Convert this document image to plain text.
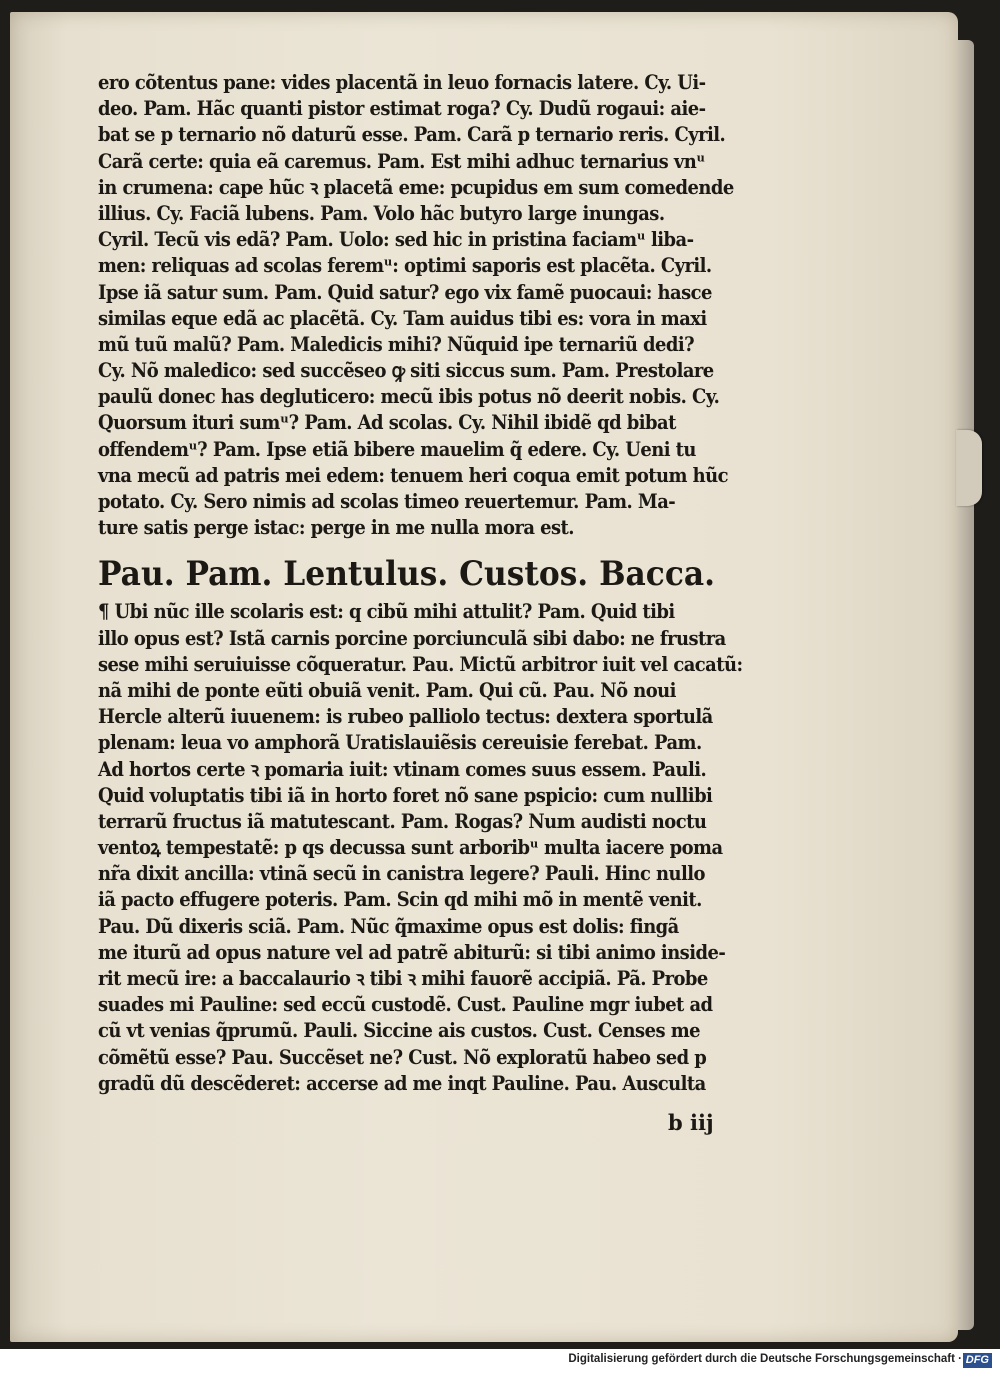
ero cõtentus pane: vides placentã in leuo fornacis latere. Cy. Ui-
deo. Pam. Hãc quanti pistor estimat roga? Cy. Dudũ rogaui: aie-
bat se p ternario nõ daturũ esse. Pam. Carã p ternario reris. Cyril.
Carã certe: quia eã caremus. Pam. Est mihi adhuc ternarius vnᵘ
in crumena: cape hũc ꝛ placetã eme: pcupidus em sum comedende
illius. Cy. Faciã lubens. Pam. Volo hãc butyro large inungas.
Cyril. Tecũ vis edã? Pam. Uolo: sed hic in pristina faciamᵘ liba-
men: reliquas ad scolas feremᵘ: optimi saporis est placẽta. Cyril.
Ipse iã satur sum. Pam. Quid satur? ego vix famẽ puocaui: hasce
similas eque edã ac placẽtã. Cy. Tam auidus tibi es: vora in maxi
mũ tuũ malũ? Pam. Maledicis mihi? Nũquid ipe ternariũ dedi?
Cy. Nõ maledico: sed succẽseo ꝙ siti siccus sum. Pam. Prestolare
paulũ donec has degluticero: mecũ ibis potus nõ deerit nobis. Cy.
Quorsum ituri sumᵘ? Pam. Ad scolas. Cy. Nihil ibidẽ qd bibat
offendemᵘ? Pam. Ipse etiã bibere mauelim q̃ edere. Cy. Ueni tu
vna mecũ ad patris mei edem: tenuem heri coqua emit potum hũc
potato. Cy. Sero nimis ad scolas timeo reuertemur. Pam. Ma-
ture satis perge istac: perge in me nulla mora est.
Pau. Pam. Lentulus. Custos. Bacca.
¶ Ubi nũc ille scolaris est: q cibũ mihi attulit? Pam. Quid tibi
illo opus est? Istã carnis porcine porciunculã sibi dabo: ne frustra
sese mihi seruiuisse cõqueratur. Pau. Mictũ arbitror iuit vel cacatũ:
nã mihi de ponte eũti obuiã venit. Pam. Qui cũ. Pau. Nõ noui
Hercle alterũ iuuenem: is rubeo palliolo tectus: dextera sportulã
plenam: leua vo amphorã Uratislauiẽsis cereuisie ferebat. Pam.
Ad hortos certe ꝛ pomaria iuit: vtinam comes suus essem. Pauli.
Quid voluptatis tibi iã in horto foret nõ sane pspicio: cum nullibi
terrarũ fructus iã matutescant. Pam. Rogas? Num audisti noctu
ventoꝝ tempestatẽ: p qs decussa sunt arboribᵘ multa iacere poma
nr̃a dixit ancilla: vtinã secũ in canistra legere? Pauli. Hinc nullo
iã pacto effugere poteris. Pam. Scin qd mihi mõ in mentẽ venit.
Pau. Dũ dixeris sciã. Pam. Nũc q̃maxime opus est dolis: fingã
me iturũ ad opus nature vel ad patrẽ abiturũ: si tibi animo inside-
rit mecũ ire: a baccalaurio ꝛ tibi ꝛ mihi fauorẽ accipiã. Pã. Probe
suades mi Pauline: sed eccũ custodẽ. Cust. Pauline mgr iubet ad
cũ vt venias q̃prumũ. Pauli. Siccine ais custos. Cust. Censes me
cõmẽtũ esse? Pau. Succẽset ne? Cust. Nõ exploratũ habeo sed p
gradũ dũ descẽderet: accerse ad me inqt Pauline. Pau. Ausculta
b iij
Digitalisierung gefördert durch die Deutsche Forschungsgemeinschaft · DFG
